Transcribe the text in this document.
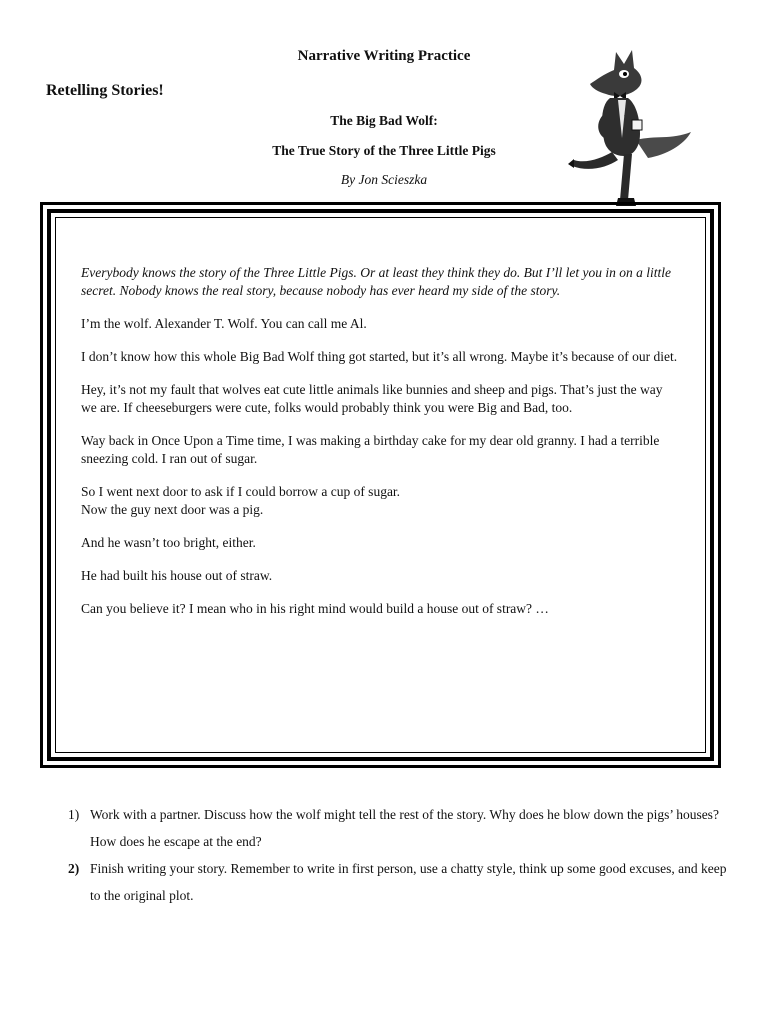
Narrative Writing Practice
Retelling Stories!
The Big Bad Wolf:
The True Story of the Three Little Pigs
By Jon Scieszka

Everybody knows the story of the Three Little Pigs. Or at least they think they do. But I’ll let you in on a little secret. Nobody knows the real story, because nobody has ever heard my side of the story.

I’m the wolf. Alexander T. Wolf. You can call me Al.

I don’t know how this whole Big Bad Wolf thing got started, but it’s all wrong. Maybe it’s because of our diet.

Hey, it’s not my fault that wolves eat cute little animals like bunnies and sheep and pigs. That’s just the way we are. If cheeseburgers were cute, folks would probably think you were Big and Bad, too.

Way back in Once Upon a Time time, I was making a birthday cake for my dear old granny. I had a terrible sneezing cold. I ran out of sugar.

So I went next door to ask if I could borrow a cup of sugar.
Now the guy next door was a pig.

And he wasn’t too bright, either.

He had built his house out of straw.

Can you believe it? I mean who in his right mind would build a house out of straw? …

1) Work with a partner. Discuss how the wolf might tell the rest of the story. Why does he blow down the pigs’ houses? How does he escape at the end?
2) Finish writing your story. Remember to write in first person, use a chatty style, think up some good excuses, and keep to the original plot.
